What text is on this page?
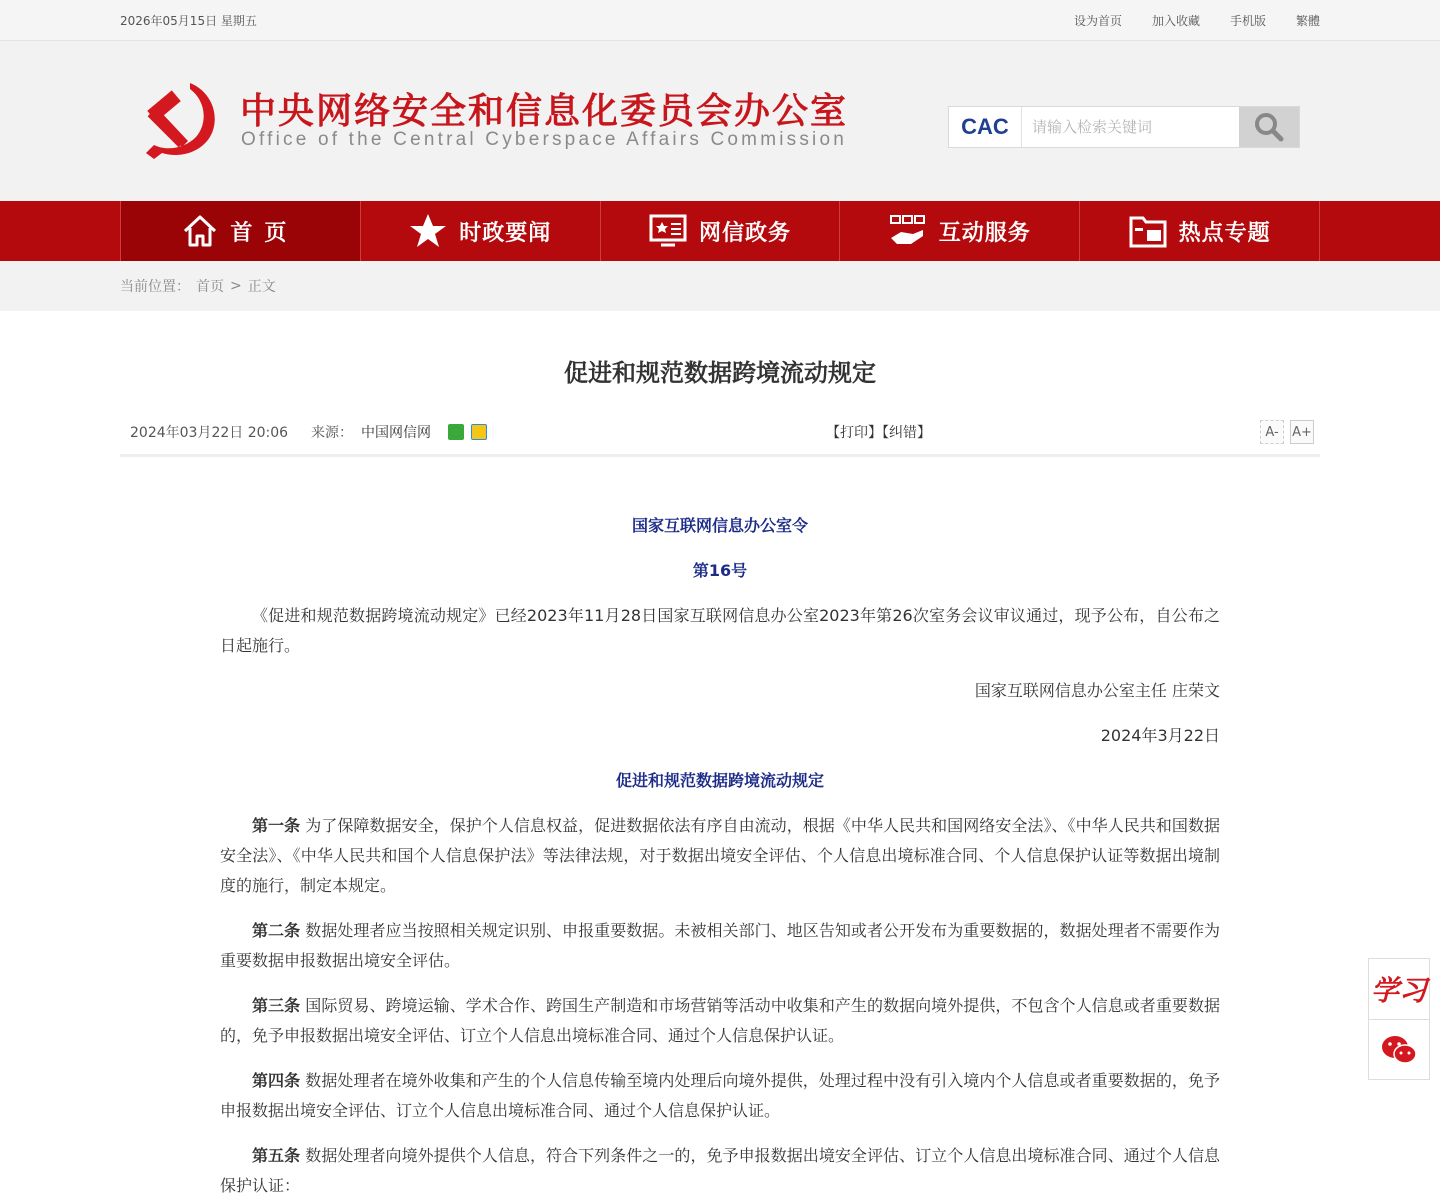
2026年05月15日 星期五	设为首页	加入收藏	手机版	繁體
中央网络安全和信息化委员会办公室
Office of the Central Cyberspace Affairs Commission
CAC
请输入检索关键词
首页	时政要闻	网信政务	互动服务	热点专题
当前位置： 首页 > 正文
促进和规范数据跨境流动规定
2024年03月22日 20:06 来源： 中国网信网	【打印】【纠错】	A-	A+

国家互联网信息办公室令

第16号

《促进和规范数据跨境流动规定》已经2023年11月28日国家互联网信息办公室2023年第26次室务会议审议通过，现予公布，自公布之日起施行。

国家互联网信息办公室主任 庄荣文

2024年3月22日

促进和规范数据跨境流动规定

第一条 为了保障数据安全，保护个人信息权益，促进数据依法有序自由流动，根据《中华人民共和国网络安全法》、《中华人民共和国数据安全法》、《中华人民共和国个人信息保护法》等法律法规，对于数据出境安全评估、个人信息出境标准合同、个人信息保护认证等数据出境制度的施行，制定本规定。

第二条 数据处理者应当按照相关规定识别、申报重要数据。未被相关部门、地区告知或者公开发布为重要数据的，数据处理者不需要作为重要数据申报数据出境安全评估。

第三条 国际贸易、跨境运输、学术合作、跨国生产制造和市场营销等活动中收集和产生的数据向境外提供，不包含个人信息或者重要数据的，免予申报数据出境安全评估、订立个人信息出境标准合同、通过个人信息保护认证。

第四条 数据处理者在境外收集和产生的个人信息传输至境内处理后向境外提供，处理过程中没有引入境内个人信息或者重要数据的，免予申报数据出境安全评估、订立个人信息出境标准合同、通过个人信息保护认证。

第五条 数据处理者向境外提供个人信息，符合下列条件之一的，免予申报数据出境安全评估、订立个人信息出境标准合同、通过个人信息保护认证：

学习
